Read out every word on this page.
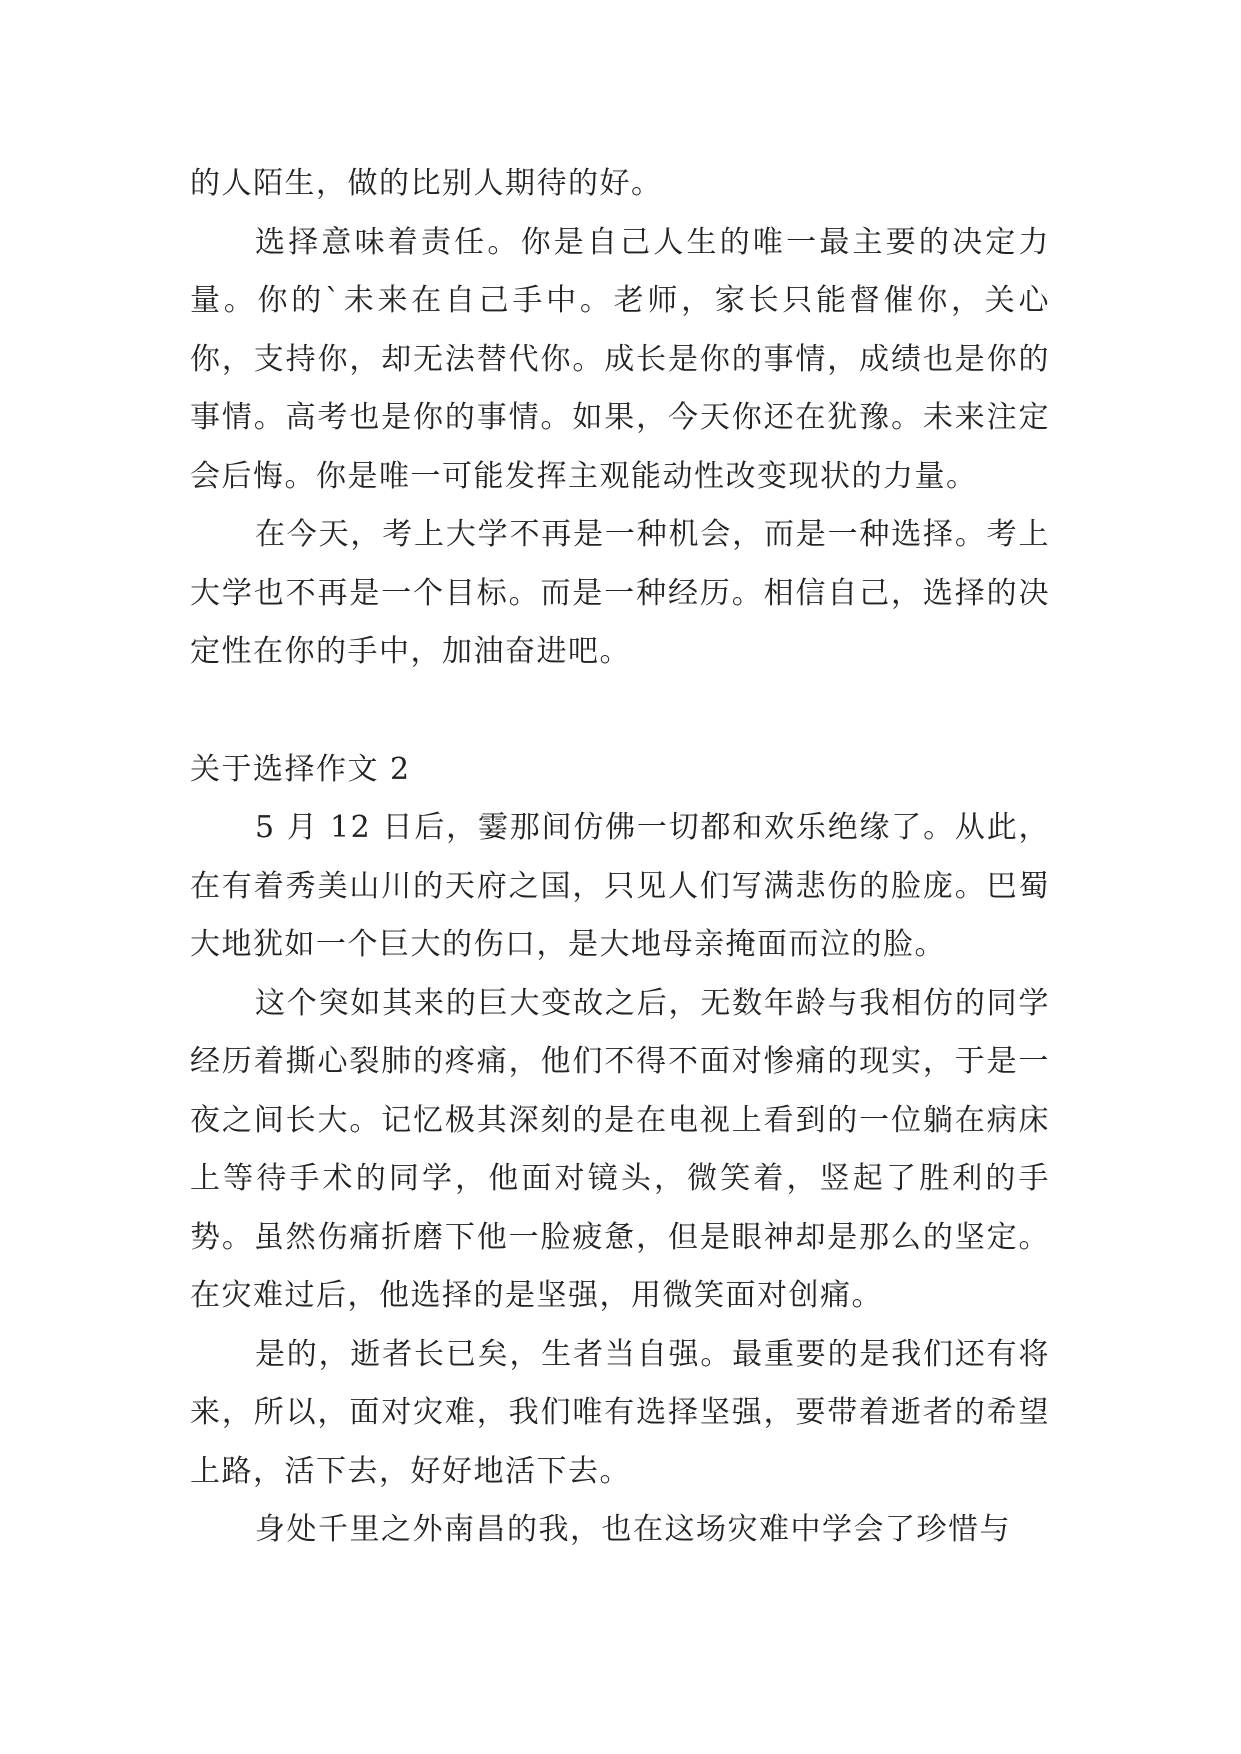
的人陌生，做的比别人期待的好。

选择意味着责任。你是自己人生的唯一最主要的决定力量。你的`未来在自己手中。老师，家长只能督催你，关心你，支持你，却无法替代你。成长是你的事情，成绩也是你的事情。高考也是你的事情。如果，今天你还在犹豫。未来注定会后悔。你是唯一可能发挥主观能动性改变现状的力量。

在今天，考上大学不再是一种机会，而是一种选择。考上大学也不再是一个目标。而是一种经历。相信自己，选择的决定性在你的手中，加油奋进吧。

关于选择作文 2

5 月 12 日后，霎那间仿佛一切都和欢乐绝缘了。从此，在有着秀美山川的天府之国，只见人们写满悲伤的脸庞。巴蜀大地犹如一个巨大的伤口，是大地母亲掩面而泣的脸。

这个突如其来的巨大变故之后，无数年龄与我相仿的同学经历着撕心裂肺的疼痛，他们不得不面对惨痛的现实，于是一夜之间长大。记忆极其深刻的是在电视上看到的一位躺在病床上等待手术的同学，他面对镜头，微笑着，竖起了胜利的手势。虽然伤痛折磨下他一脸疲惫，但是眼神却是那么的坚定。在灾难过后，他选择的是坚强，用微笑面对创痛。

是的，逝者长已矣，生者当自强。最重要的是我们还有将来，所以，面对灾难，我们唯有选择坚强，要带着逝者的希望上路，活下去，好好地活下去。

身处千里之外南昌的我，也在这场灾难中学会了珍惜与
